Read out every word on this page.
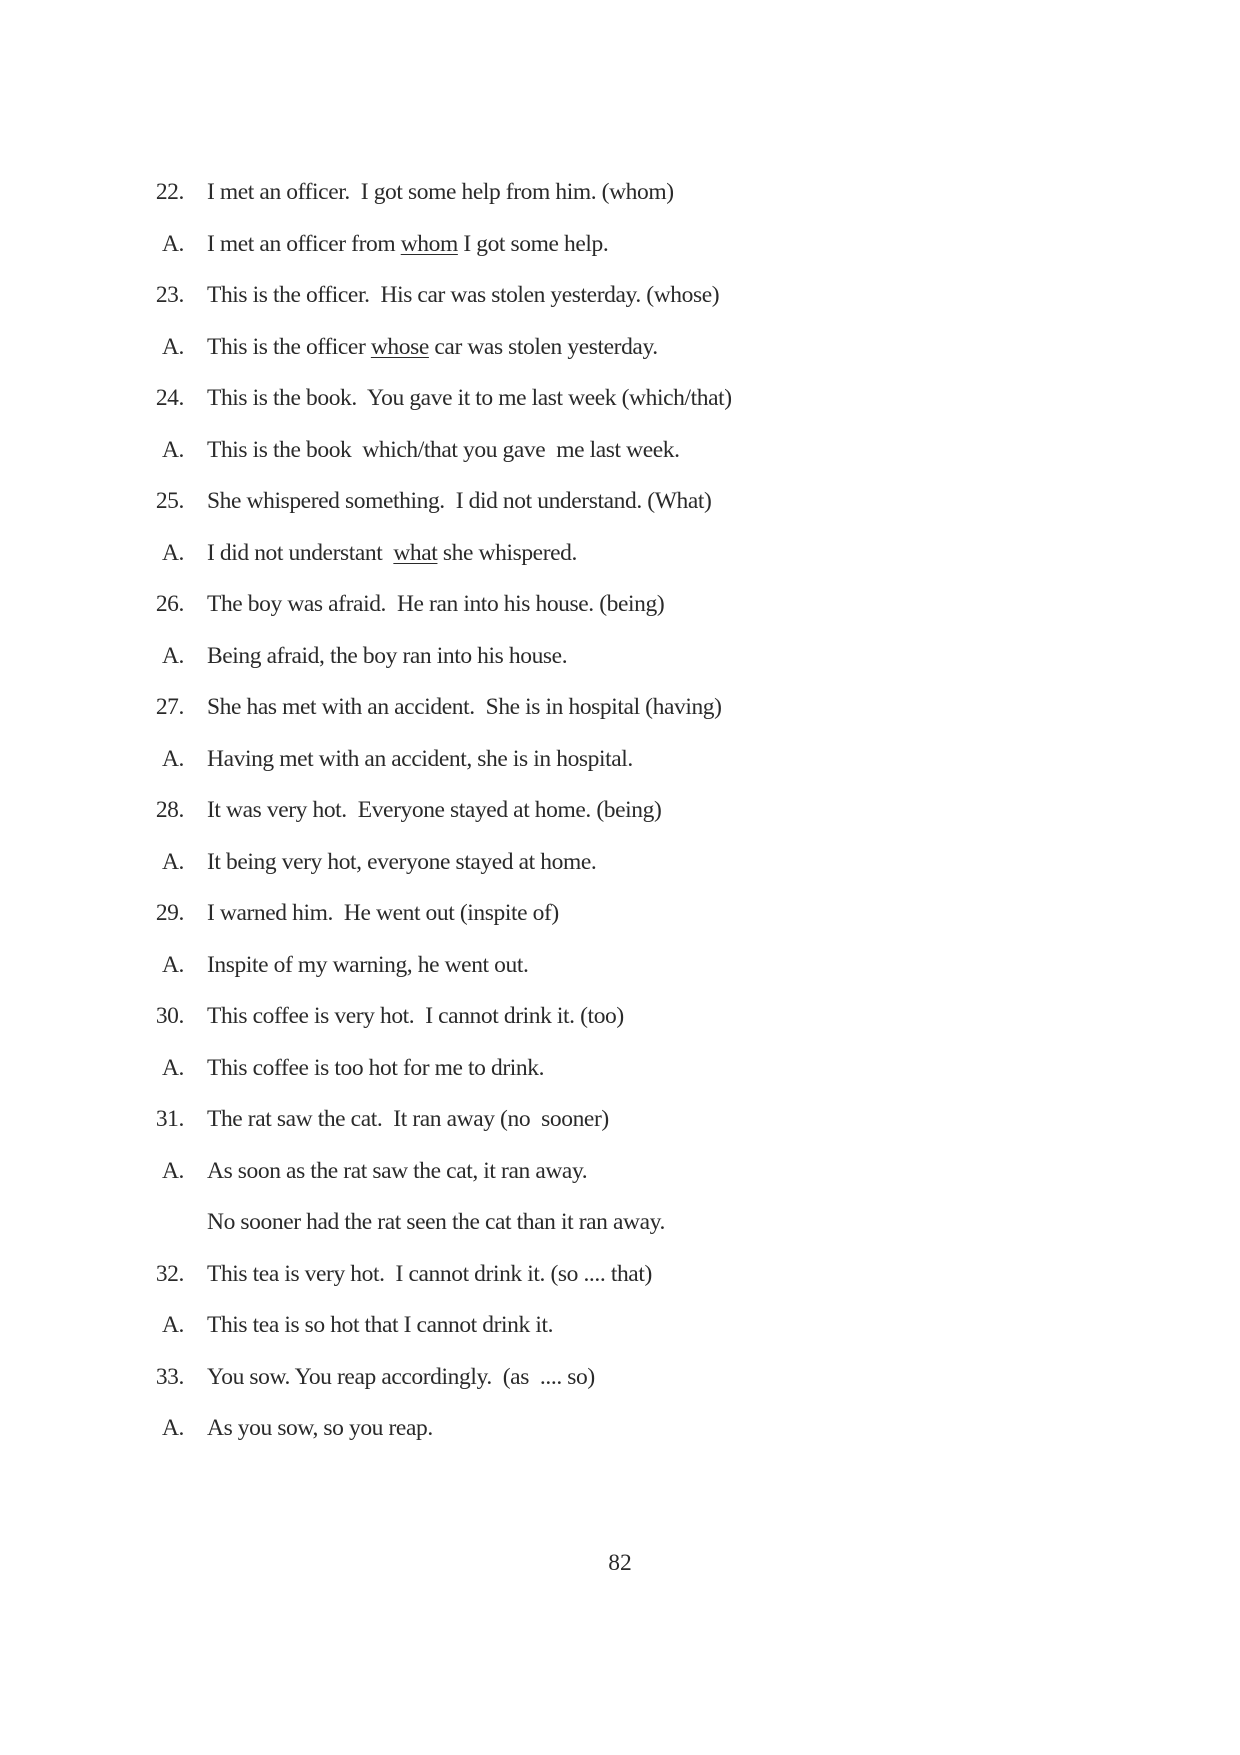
22. I met an officer.  I got some help from him. (whom)
A. I met an officer from whom I got some help.
23. This is the officer.  His car was stolen yesterday. (whose)
A. This is the officer whose car was stolen yesterday.
24. This is the book.  You gave it to me last week (which/that)
A. This is the book  which/that you gave  me last week.
25. She whispered something.  I did not understand. (What)
A. I did not understant  what she whispered.
26. The boy was afraid.  He ran into his house. (being)
A. Being afraid, the boy ran into his house.
27. She has met with an accident.  She is in hospital (having)
A. Having met with an accident, she is in hospital.
28. It was very hot.  Everyone stayed at home. (being)
A. It being very hot, everyone stayed at home.
29. I warned him.  He went out (inspite of)
A. Inspite of my warning, he went out.
30. This coffee is very hot.  I cannot drink it. (too)
A. This coffee is too hot for me to drink.
31. The rat saw the cat.  It ran away (no  sooner)
A. As soon as the rat saw the cat, it ran away.
No sooner had the rat seen the cat than it ran away.
32. This tea is very hot.  I cannot drink it. (so .... that)
A. This tea is so hot that I cannot drink it.
33. You sow. You reap accordingly.  (as  .... so)
A. As you sow, so you reap.
82
